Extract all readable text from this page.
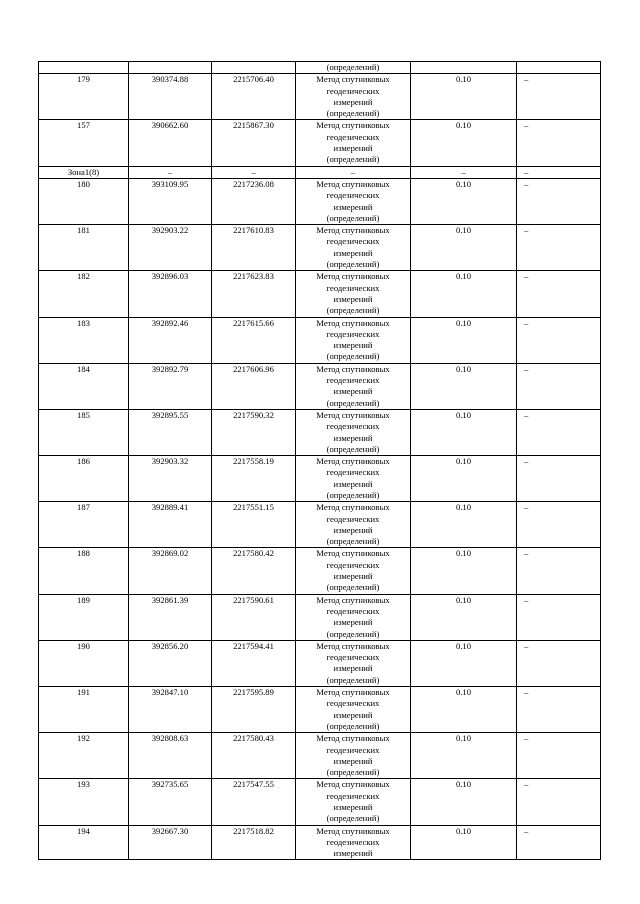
			(определений)		
179	390374.88	2215706.40	Метод спутниковых
геодезических
измерений
(определений)	0.10	–
157	390662.60	2215867.30	Метод спутниковых
геодезических
измерений
(определений)	0.10	–
Зона1(8)	–	–	–	–	–
180	393109.95	2217236.08	Метод спутниковых
геодезических
измерений
(определений)	0.10	–
181	392903.22	2217610.83	Метод спутниковых
геодезических
измерений
(определений)	0.10	–
182	392896.03	2217623.83	Метод спутниковых
геодезических
измерений
(определений)	0.10	–
183	392892.46	2217615.66	Метод спутниковых
геодезических
измерений
(определений)	0.10	–
184	392892.79	2217606.96	Метод спутниковых
геодезических
измерений
(определений)	0.10	–
185	392895.55	2217590.32	Метод спутниковых
геодезических
измерений
(определений)	0.10	–
186	392903.32	2217558.19	Метод спутниковых
геодезических
измерений
(определений)	0.10	–
187	392889.41	2217551.15	Метод спутниковых
геодезических
измерений
(определений)	0.10	–
188	392869.02	2217580.42	Метод спутниковых
геодезических
измерений
(определений)	0.10	–
189	392861.39	2217590.61	Метод спутниковых
геодезических
измерений
(определений)	0.10	–
190	392856.20	2217594.41	Метод спутниковых
геодезических
измерений
(определений)	0.10	–
191	392847.10	2217595.89	Метод спутниковых
геодезических
измерений
(определений)	0.10	–
192	392808.63	2217580.43	Метод спутниковых
геодезических
измерений
(определений)	0.10	–
193	392735.65	2217547.55	Метод спутниковых
геодезических
измерений
(определений)	0.10	–
194	392667.30	2217518.82	Метод спутниковых
геодезических
измерений	0.10	–
